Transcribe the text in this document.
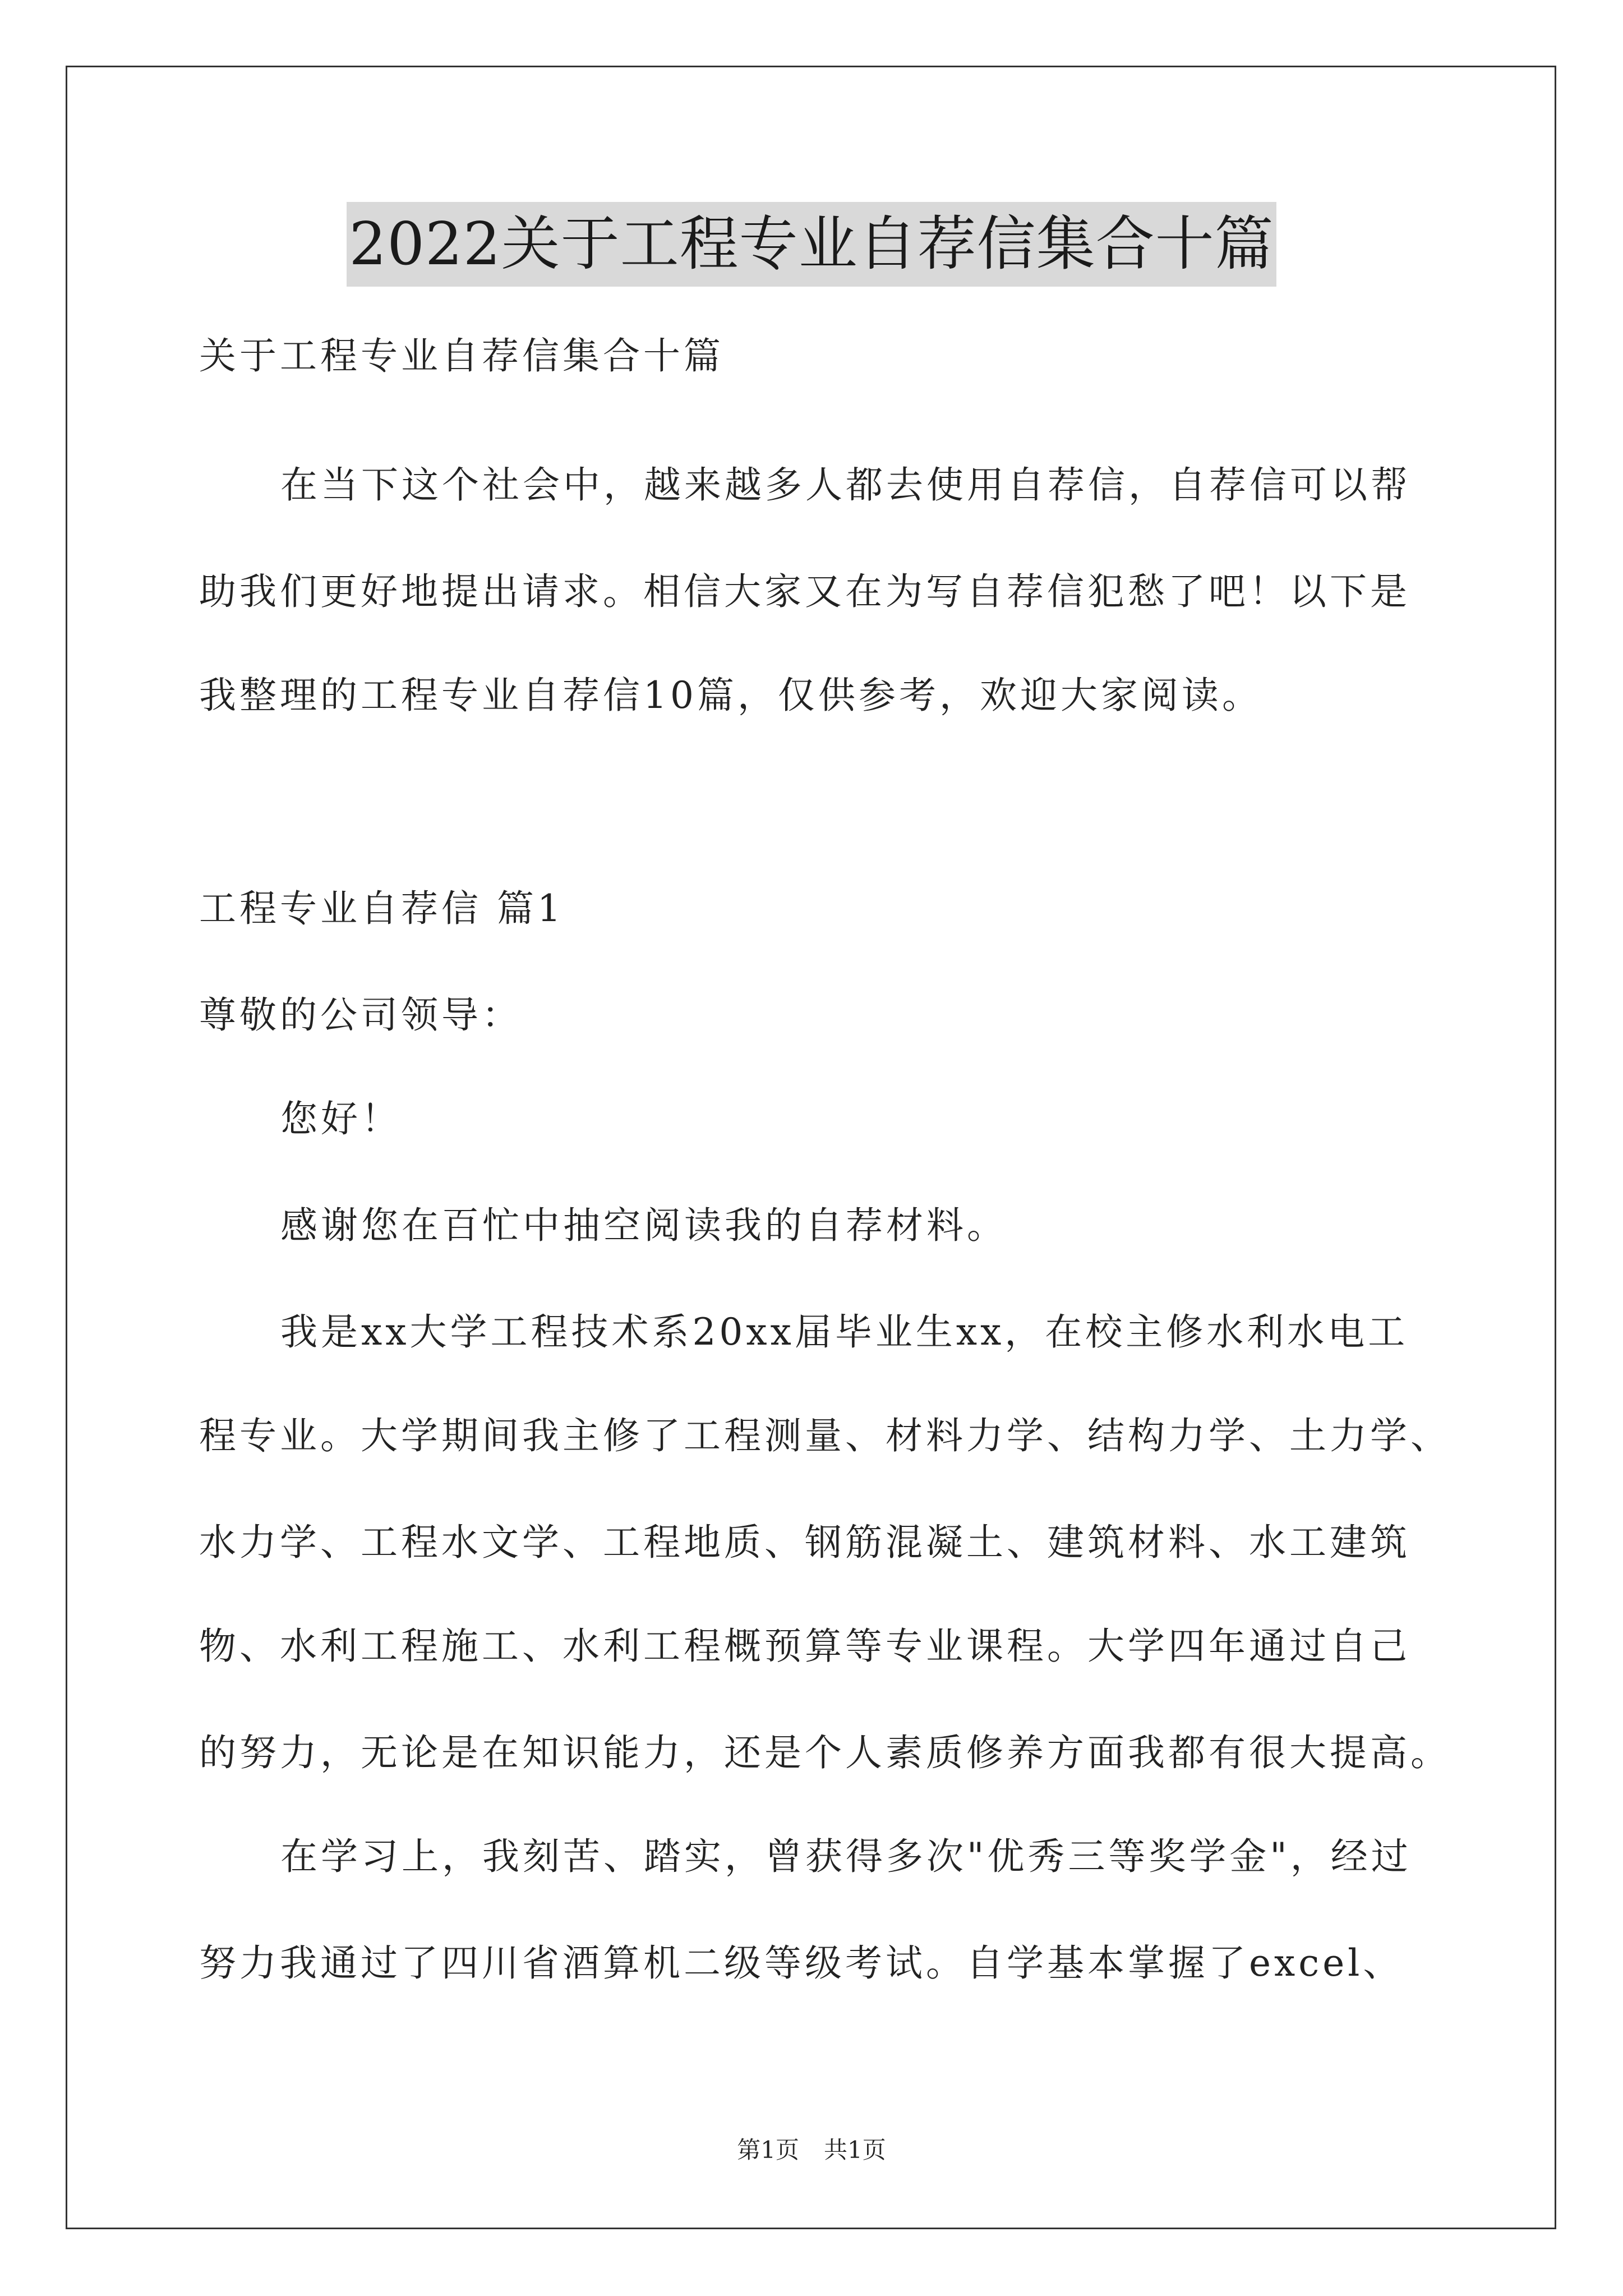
2022关于工程专业自荐信集合十篇
关于工程专业自荐信集合十篇
在当下这个社会中，越来越多人都去使用自荐信，自荐信可以帮
助我们更好地提出请求。相信大家又在为写自荐信犯愁了吧！以下是
我整理的工程专业自荐信10篇，仅供参考，欢迎大家阅读。
工程专业自荐信 篇1
尊敬的公司领导：
您好！
感谢您在百忙中抽空阅读我的自荐材料。
我是xx大学工程技术系20xx届毕业生xx，在校主修水利水电工
程专业。大学期间我主修了工程测量、材料力学、结构力学、土力学、
水力学、工程水文学、工程地质、钢筋混凝土、建筑材料、水工建筑
物、水利工程施工、水利工程概预算等专业课程。大学四年通过自己
的努力，无论是在知识能力，还是个人素质修养方面我都有很大提高。
在学习上，我刻苦、踏实，曾获得多次"优秀三等奖学金"，经过
努力我通过了四川省酒算机二级等级考试。自学基本掌握了excel、
第1页 共1页
